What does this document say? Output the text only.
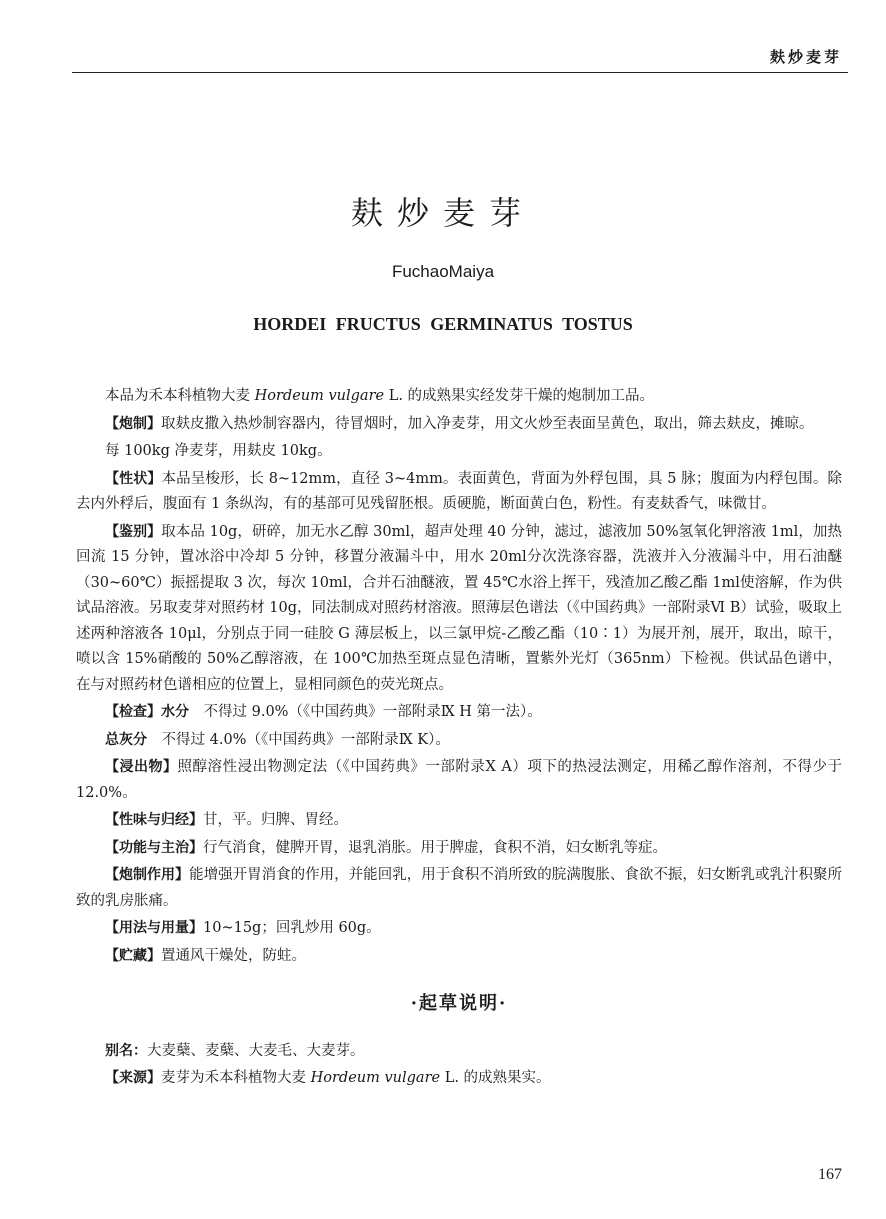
麸炒麦芽
麸炒麦芽
FuchaoMaiya
HORDEI FRUCTUS GERMINATUS TOSTUS

本品为禾本科植物大麦 Hordeum vulgare L. 的成熟果实经发芽干燥的炮制加工品。

【炮制】取麸皮撒入热炒制容器内，待冒烟时，加入净麦芽，用文火炒至表面呈黄色，取出，筛去麸皮，摊晾。

每 100kg 净麦芽，用麸皮 10kg。

【性状】本品呈梭形，长 8~12mm，直径 3~4mm。表面黄色，背面为外稃包围，具 5 脉；腹面为内稃包围。除去内外稃后，腹面有 1 条纵沟，有的基部可见残留胚根。质硬脆，断面黄白色，粉性。有麦麸香气，味微甘。

【鉴别】取本品 10g，研碎，加无水乙醇 30ml，超声处理 40 分钟，滤过，滤液加 50%氢氧化钾溶液 1ml，加热回流 15 分钟，置冰浴中冷却 5 分钟，移置分液漏斗中，用水 20ml分次洗涤容器，洗液并入分液漏斗中，用石油醚（30~60℃）振摇提取 3 次，每次 10ml，合并石油醚液，置 45℃水浴上挥干，残渣加乙酸乙酯 1ml使溶解，作为供试品溶液。另取麦芽对照药材 10g，同法制成对照药材溶液。照薄层色谱法（《中国药典》一部附录Ⅵ B）试验，吸取上述两种溶液各 10μl，分别点于同一硅胶 G 薄层板上，以三氯甲烷-乙酸乙酯（10∶1）为展开剂，展开，取出，晾干，喷以含 15%硝酸的 50%乙醇溶液，在 100℃加热至斑点显色清晰，置紫外光灯（365nm）下检视。供试品色谱中，在与对照药材色谱相应的位置上，显相同颜色的荧光斑点。

【检查】水分　不得过 9.0%（《中国药典》一部附录Ⅸ H 第一法）。

总灰分　不得过 4.0%（《中国药典》一部附录Ⅸ K）。

【浸出物】照醇溶性浸出物测定法（《中国药典》一部附录Ⅹ A）项下的热浸法测定，用稀乙醇作溶剂，不得少于 12.0%。

【性味与归经】甘，平。归脾、胃经。

【功能与主治】行气消食，健脾开胃，退乳消胀。用于脾虚，食积不消，妇女断乳等症。

【炮制作用】能增强开胃消食的作用，并能回乳，用于食积不消所致的脘满腹胀、食欲不振，妇女断乳或乳汁积聚所致的乳房胀痛。

【用法与用量】10~15g；回乳炒用 60g。

【贮藏】置通风干燥处，防蛀。

·起草说明·

别名：大麦蘖、麦蘖、大麦毛、大麦芽。

【来源】麦芽为禾本科植物大麦 Hordeum vulgare L. 的成熟果实。

167
